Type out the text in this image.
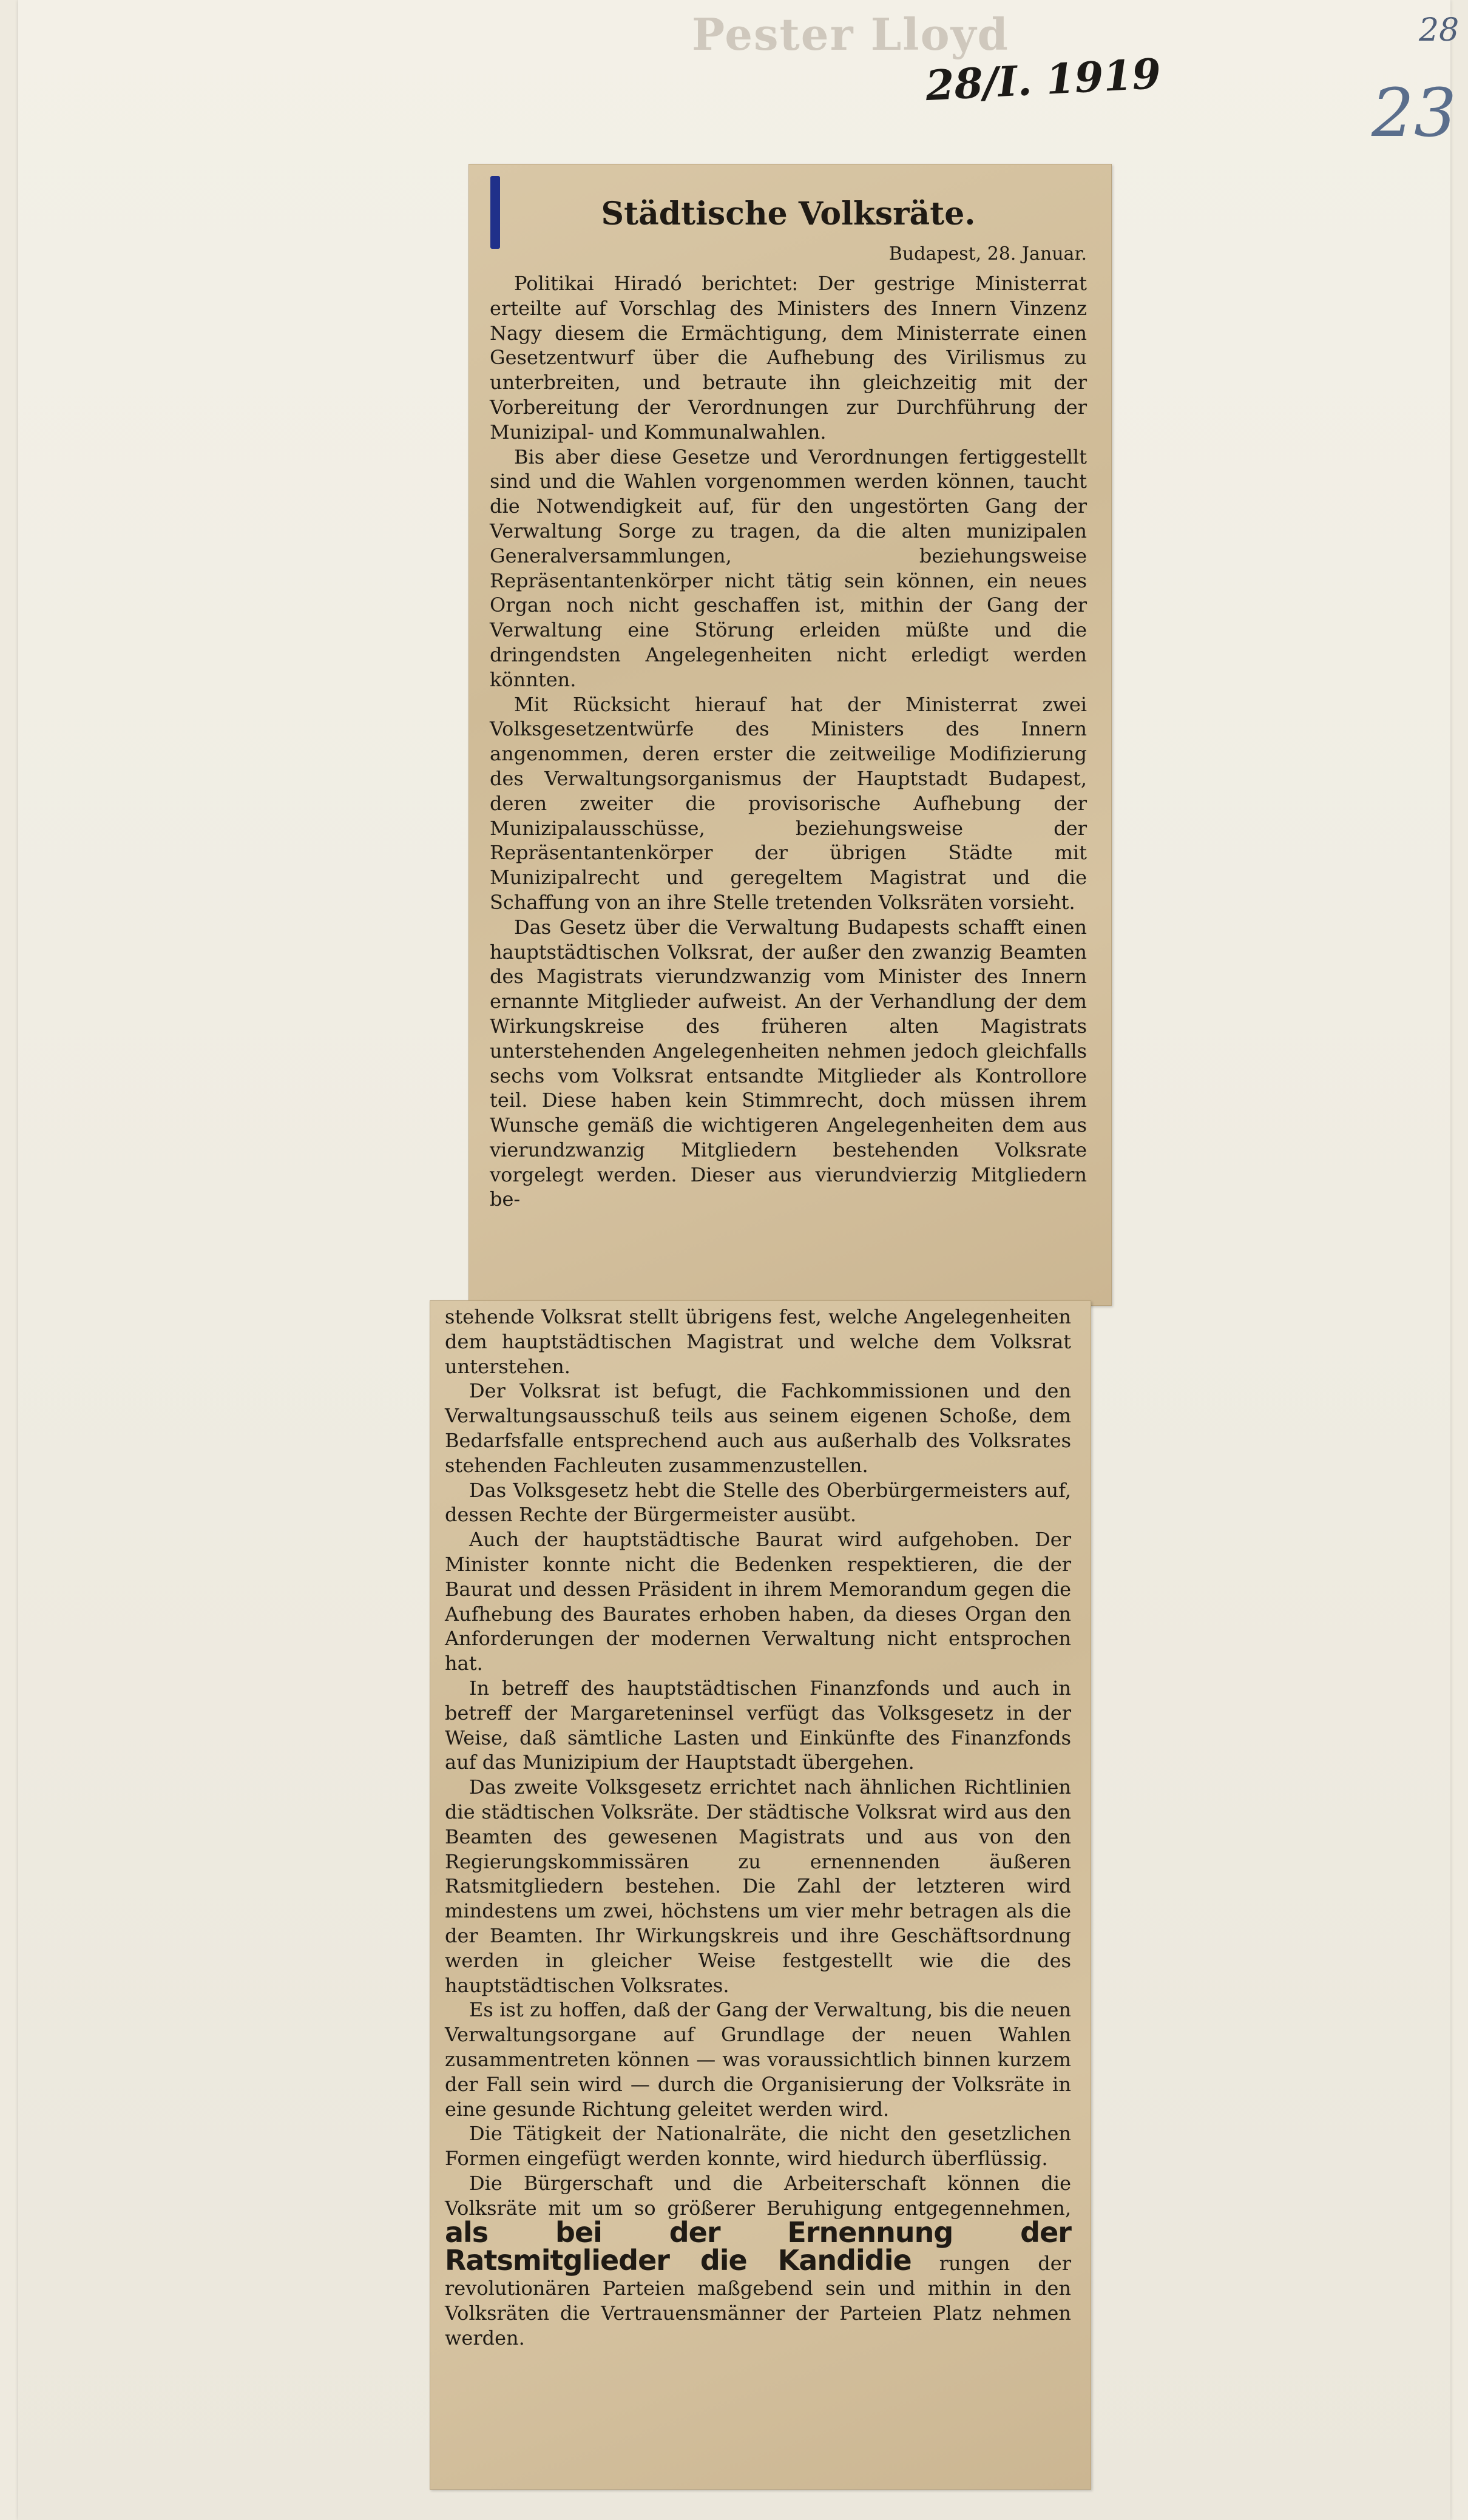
Pester Lloyd
28/I. 1919
28
23
Städtische Volksräte.
Budapest, 28. Januar.

Politikai Hiradó berichtet: Der gestrige Ministerrat erteilte auf Vorschlag des Ministers des Innern Vinzenz Nagy diesem die Ermächtigung, dem Ministerrate einen Gesetzentwurf über die Aufhebung des Virilismus zu unterbreiten, und betraute ihn gleichzeitig mit der Vorbereitung der Verordnungen zur Durchführung der Munizipal- und Kommunalwahlen.

Bis aber diese Gesetze und Verordnungen fertiggestellt sind und die Wahlen vorgenommen werden können, taucht die Notwendigkeit auf, für den ungestörten Gang der Verwaltung Sorge zu tragen, da die alten munizipalen Generalversammlungen, beziehungsweise Repräsentantenkörper nicht tätig sein können, ein neues Organ noch nicht geschaffen ist, mithin der Gang der Verwaltung eine Störung erleiden müßte und die dringendsten Angelegenheiten nicht erledigt werden könnten.

Mit Rücksicht hierauf hat der Ministerrat zwei Volksgesetzentwürfe des Ministers des Innern angenommen, deren erster die zeitweilige Modifizierung des Verwaltungsorganismus der Hauptstadt Budapest, deren zweiter die provisorische Aufhebung der Munizipalausschüsse, beziehungsweise der Repräsentantenkörper der übrigen Städte mit Munizipalrecht und geregeltem Magistrat und die Schaffung von an ihre Stelle tretenden Volksräten vorsieht.

Das Gesetz über die Verwaltung Budapests schafft einen hauptstädtischen Volksrat, der außer den zwanzig Beamten des Magistrats vierundzwanzig vom Minister des Innern ernannte Mitglieder aufweist. An der Verhandlung der dem Wirkungskreise des früheren alten Magistrats unterstehenden Angelegenheiten nehmen jedoch gleichfalls sechs vom Volksrat entsandte Mitglieder als Kontrollore teil. Diese haben kein Stimmrecht, doch müssen ihrem Wunsche gemäß die wichtigeren Angelegenheiten dem aus vierundzwanzig Mitgliedern bestehenden Volksrate vorgelegt werden. Dieser aus vierundvierzig Mitgliedern be-

stehende Volksrat stellt übrigens fest, welche Angelegenheiten dem hauptstädtischen Magistrat und welche dem Volksrat unterstehen.

Der Volksrat ist befugt, die Fachkommissionen und den Verwaltungsausschuß teils aus seinem eigenen Schoße, dem Bedarfsfalle entsprechend auch aus außerhalb des Volksrates stehenden Fachleuten zusammenzustellen.

Das Volksgesetz hebt die Stelle des Oberbürgermeisters auf, dessen Rechte der Bürgermeister ausübt.

Auch der hauptstädtische Baurat wird aufgehoben. Der Minister konnte nicht die Bedenken respektieren, die der Baurat und dessen Präsident in ihrem Memorandum gegen die Aufhebung des Baurates erhoben haben, da dieses Organ den Anforderungen der modernen Verwaltung nicht entsprochen hat.

In betreff des hauptstädtischen Finanzfonds und auch in betreff der Margareteninsel verfügt das Volksgesetz in der Weise, daß sämtliche Lasten und Einkünfte des Finanzfonds auf das Munizipium der Hauptstadt übergehen.

Das zweite Volksgesetz errichtet nach ähnlichen Richtlinien die städtischen Volksräte. Der städtische Volksrat wird aus den Beamten des gewesenen Magistrats und aus von den Regierungskommissären zu ernennenden äußeren Ratsmitgliedern bestehen. Die Zahl der letzteren wird mindestens um zwei, höchstens um vier mehr betragen als die der Beamten. Ihr Wirkungskreis und ihre Geschäftsordnung werden in gleicher Weise festgestellt wie die des hauptstädtischen Volksrates.

Es ist zu hoffen, daß der Gang der Verwaltung, bis die neuen Verwaltungsorgane auf Grundlage der neuen Wahlen zusammentreten können — was voraussichtlich binnen kurzem der Fall sein wird — durch die Organisierung der Volksräte in eine gesunde Richtung geleitet werden wird.

Die Tätigkeit der Nationalräte, die nicht den gesetzlichen Formen eingefügt werden konnte, wird hiedurch überflüssig.

Die Bürgerschaft und die Arbeiterschaft können die Volksräte mit um so größerer Beruhigung entgegennehmen, als bei der Ernennung der Ratsmitglieder die Kandidie rungen der revolutionären Parteien maßgebend sein und mithin in den Volksräten die Vertrauensmänner der Parteien Platz nehmen werden.
